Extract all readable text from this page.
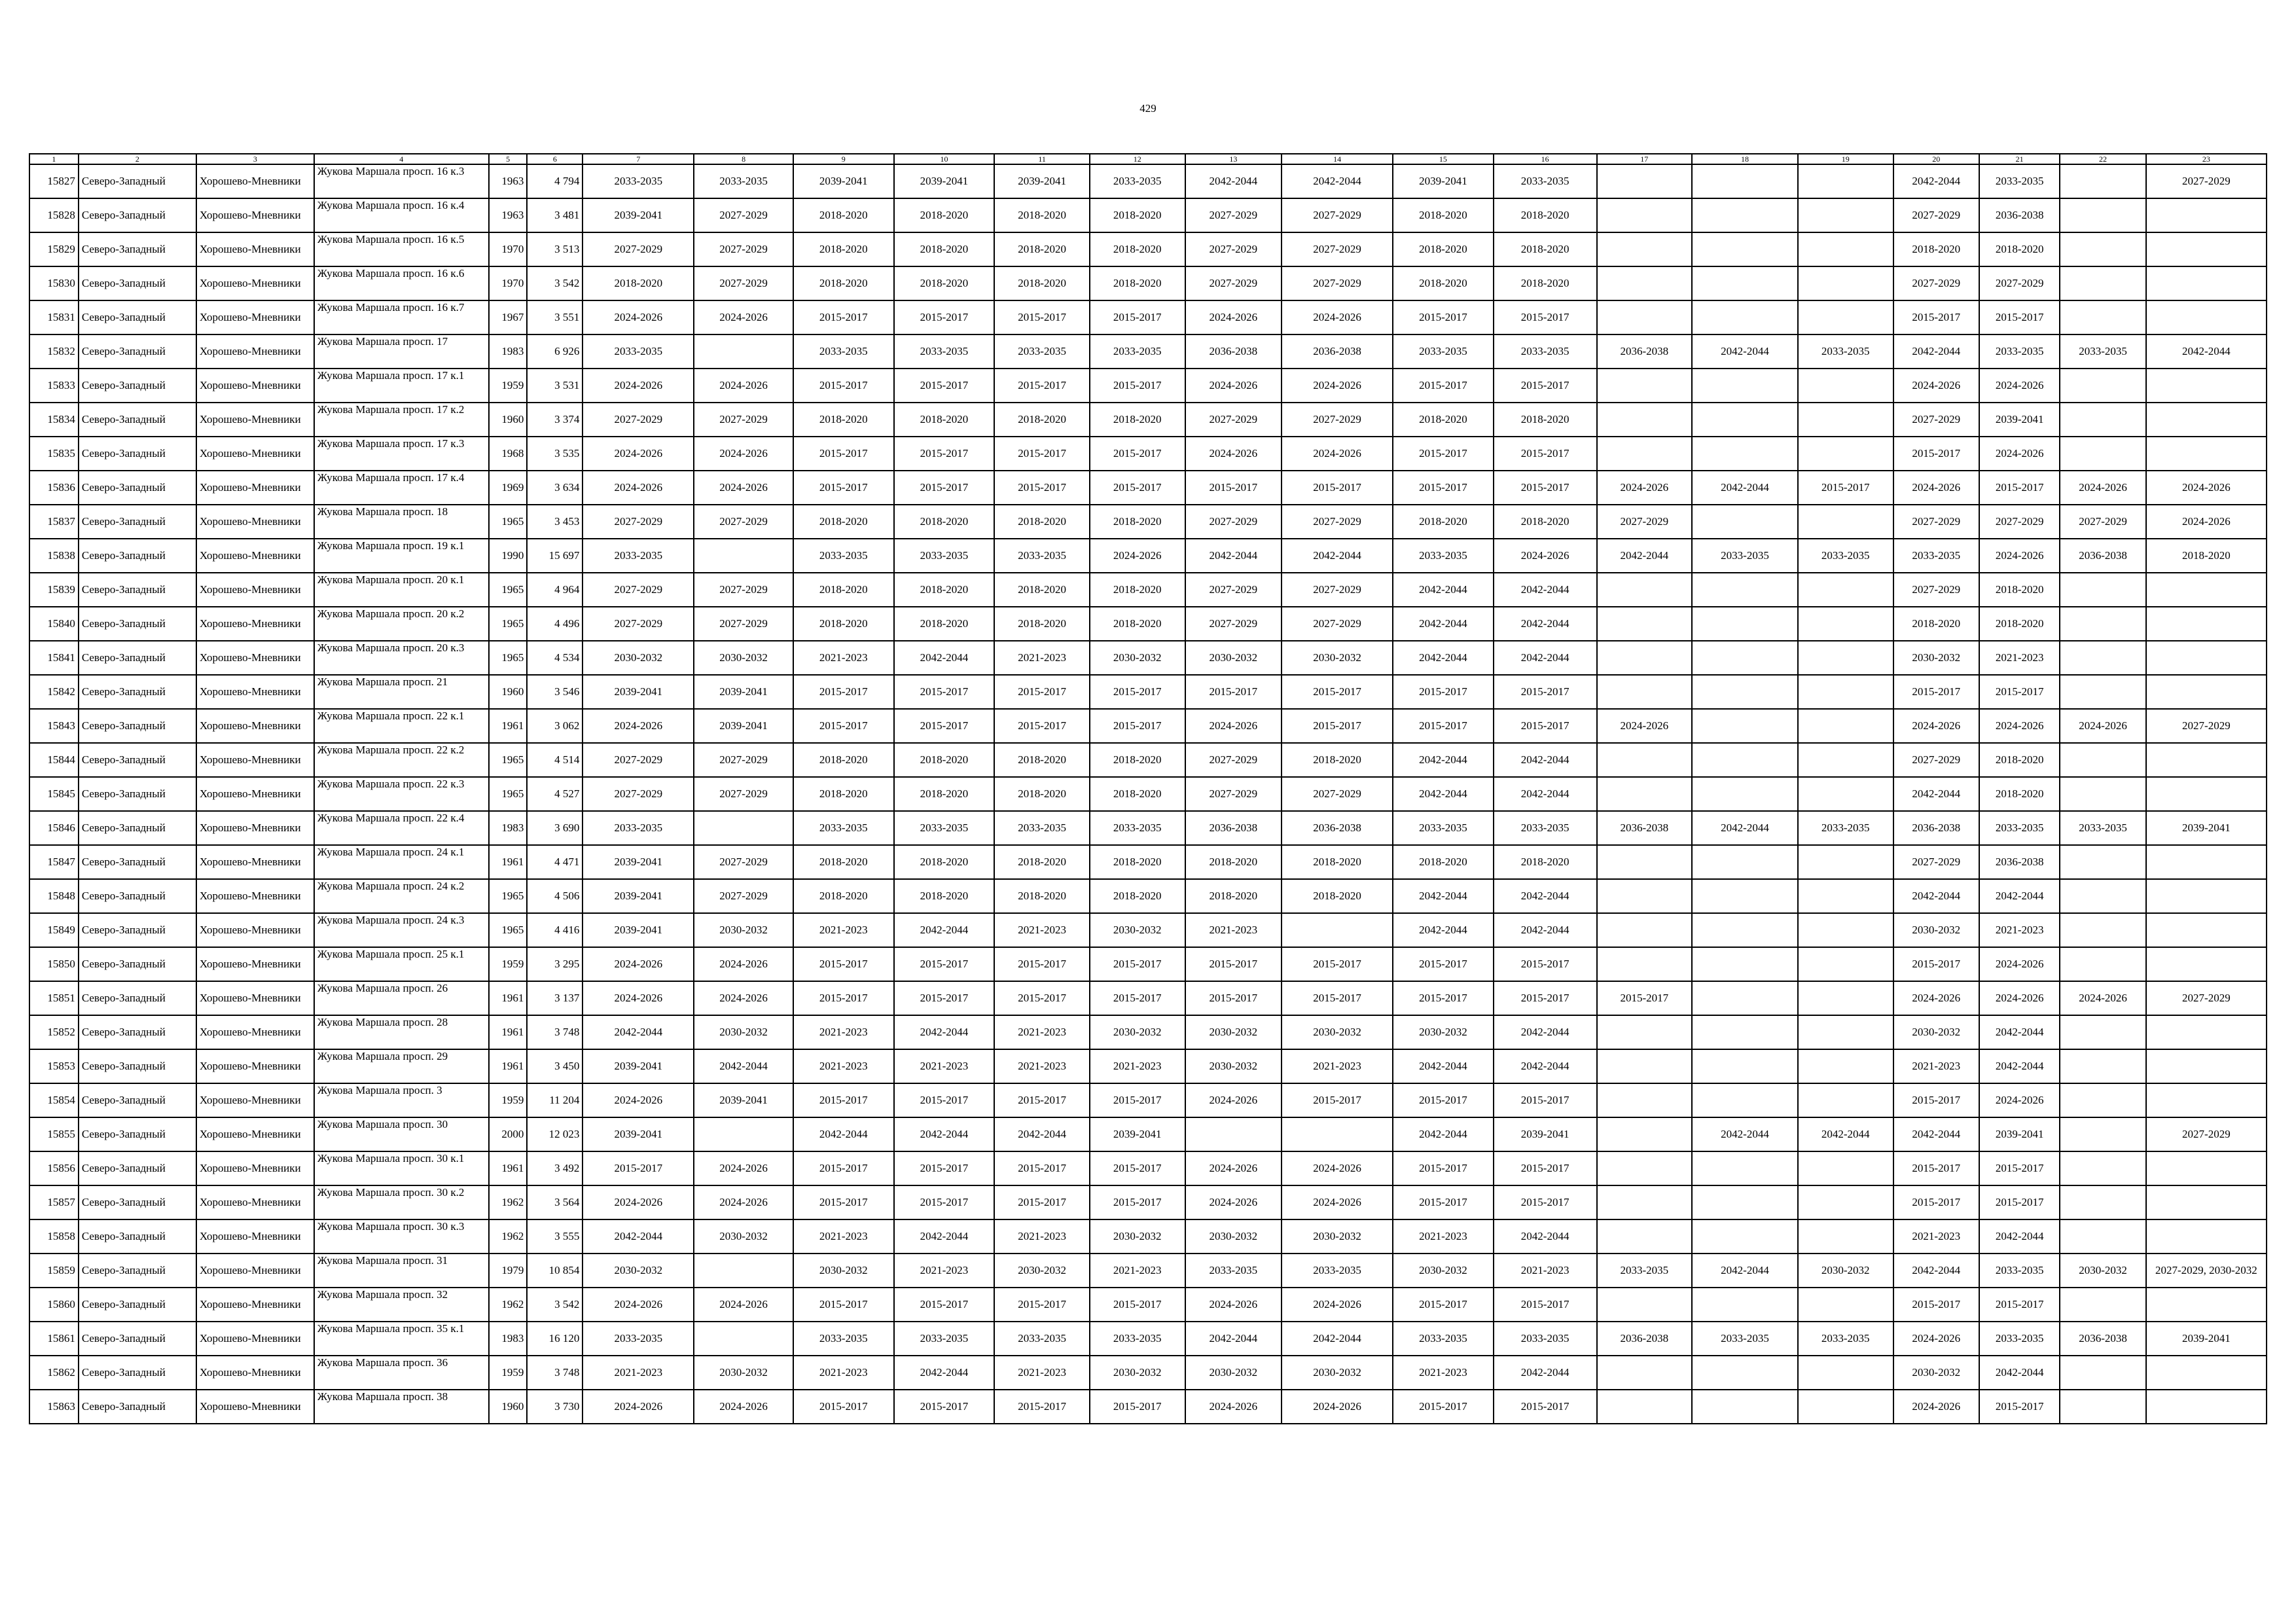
429
1	2	3	4	5	6	7	8	9	10	11	12	13	14	15	16	17	18	19	20	21	22	23
15827	Северо-Западный	Хорошево-Мневники	Жукова Маршала просп. 16 к.3	1963	4 794	2033-2035	2033-2035	2039-2041	2039-2041	2039-2041	2033-2035	2042-2044	2042-2044	2039-2041	2033-2035				2042-2044	2033-2035		2027-2029
15828	Северо-Западный	Хорошево-Мневники	Жукова Маршала просп. 16 к.4	1963	3 481	2039-2041	2027-2029	2018-2020	2018-2020	2018-2020	2018-2020	2027-2029	2027-2029	2018-2020	2018-2020				2027-2029	2036-2038		
15829	Северо-Западный	Хорошево-Мневники	Жукова Маршала просп. 16 к.5	1970	3 513	2027-2029	2027-2029	2018-2020	2018-2020	2018-2020	2018-2020	2027-2029	2027-2029	2018-2020	2018-2020				2018-2020	2018-2020		
15830	Северо-Западный	Хорошево-Мневники	Жукова Маршала просп. 16 к.6	1970	3 542	2018-2020	2027-2029	2018-2020	2018-2020	2018-2020	2018-2020	2027-2029	2027-2029	2018-2020	2018-2020				2027-2029	2027-2029		
15831	Северо-Западный	Хорошево-Мневники	Жукова Маршала просп. 16 к.7	1967	3 551	2024-2026	2024-2026	2015-2017	2015-2017	2015-2017	2015-2017	2024-2026	2024-2026	2015-2017	2015-2017				2015-2017	2015-2017		
15832	Северо-Западный	Хорошево-Мневники	Жукова Маршала просп. 17	1983	6 926	2033-2035		2033-2035	2033-2035	2033-2035	2033-2035	2036-2038	2036-2038	2033-2035	2033-2035	2036-2038	2042-2044	2033-2035	2042-2044	2033-2035	2033-2035	2042-2044
15833	Северо-Западный	Хорошево-Мневники	Жукова Маршала просп. 17 к.1	1959	3 531	2024-2026	2024-2026	2015-2017	2015-2017	2015-2017	2015-2017	2024-2026	2024-2026	2015-2017	2015-2017				2024-2026	2024-2026		
15834	Северо-Западный	Хорошево-Мневники	Жукова Маршала просп. 17 к.2	1960	3 374	2027-2029	2027-2029	2018-2020	2018-2020	2018-2020	2018-2020	2027-2029	2027-2029	2018-2020	2018-2020				2027-2029	2039-2041		
15835	Северо-Западный	Хорошево-Мневники	Жукова Маршала просп. 17 к.3	1968	3 535	2024-2026	2024-2026	2015-2017	2015-2017	2015-2017	2015-2017	2024-2026	2024-2026	2015-2017	2015-2017				2015-2017	2024-2026		
15836	Северо-Западный	Хорошево-Мневники	Жукова Маршала просп. 17 к.4	1969	3 634	2024-2026	2024-2026	2015-2017	2015-2017	2015-2017	2015-2017	2015-2017	2015-2017	2015-2017	2015-2017	2024-2026	2042-2044	2015-2017	2024-2026	2015-2017	2024-2026	2024-2026
15837	Северо-Западный	Хорошево-Мневники	Жукова Маршала просп. 18	1965	3 453	2027-2029	2027-2029	2018-2020	2018-2020	2018-2020	2018-2020	2027-2029	2027-2029	2018-2020	2018-2020	2027-2029			2027-2029	2027-2029	2027-2029	2024-2026
15838	Северо-Западный	Хорошево-Мневники	Жукова Маршала просп. 19 к.1	1990	15 697	2033-2035		2033-2035	2033-2035	2033-2035	2024-2026	2042-2044	2042-2044	2033-2035	2024-2026	2042-2044	2033-2035	2033-2035	2033-2035	2024-2026	2036-2038	2018-2020
15839	Северо-Западный	Хорошево-Мневники	Жукова Маршала просп. 20 к.1	1965	4 964	2027-2029	2027-2029	2018-2020	2018-2020	2018-2020	2018-2020	2027-2029	2027-2029	2042-2044	2042-2044				2027-2029	2018-2020		
15840	Северо-Западный	Хорошево-Мневники	Жукова Маршала просп. 20 к.2	1965	4 496	2027-2029	2027-2029	2018-2020	2018-2020	2018-2020	2018-2020	2027-2029	2027-2029	2042-2044	2042-2044				2018-2020	2018-2020		
15841	Северо-Западный	Хорошево-Мневники	Жукова Маршала просп. 20 к.3	1965	4 534	2030-2032	2030-2032	2021-2023	2042-2044	2021-2023	2030-2032	2030-2032	2030-2032	2042-2044	2042-2044				2030-2032	2021-2023		
15842	Северо-Западный	Хорошево-Мневники	Жукова Маршала просп. 21	1960	3 546	2039-2041	2039-2041	2015-2017	2015-2017	2015-2017	2015-2017	2015-2017	2015-2017	2015-2017	2015-2017				2015-2017	2015-2017		
15843	Северо-Западный	Хорошево-Мневники	Жукова Маршала просп. 22 к.1	1961	3 062	2024-2026	2039-2041	2015-2017	2015-2017	2015-2017	2015-2017	2024-2026	2015-2017	2015-2017	2015-2017	2024-2026			2024-2026	2024-2026	2024-2026	2027-2029
15844	Северо-Западный	Хорошево-Мневники	Жукова Маршала просп. 22 к.2	1965	4 514	2027-2029	2027-2029	2018-2020	2018-2020	2018-2020	2018-2020	2027-2029	2018-2020	2042-2044	2042-2044				2027-2029	2018-2020		
15845	Северо-Западный	Хорошево-Мневники	Жукова Маршала просп. 22 к.3	1965	4 527	2027-2029	2027-2029	2018-2020	2018-2020	2018-2020	2018-2020	2027-2029	2027-2029	2042-2044	2042-2044				2042-2044	2018-2020		
15846	Северо-Западный	Хорошево-Мневники	Жукова Маршала просп. 22 к.4	1983	3 690	2033-2035		2033-2035	2033-2035	2033-2035	2033-2035	2036-2038	2036-2038	2033-2035	2033-2035	2036-2038	2042-2044	2033-2035	2036-2038	2033-2035	2033-2035	2039-2041
15847	Северо-Западный	Хорошево-Мневники	Жукова Маршала просп. 24 к.1	1961	4 471	2039-2041	2027-2029	2018-2020	2018-2020	2018-2020	2018-2020	2018-2020	2018-2020	2018-2020	2018-2020				2027-2029	2036-2038		
15848	Северо-Западный	Хорошево-Мневники	Жукова Маршала просп. 24 к.2	1965	4 506	2039-2041	2027-2029	2018-2020	2018-2020	2018-2020	2018-2020	2018-2020	2018-2020	2042-2044	2042-2044				2042-2044	2042-2044		
15849	Северо-Западный	Хорошево-Мневники	Жукова Маршала просп. 24 к.3	1965	4 416	2039-2041	2030-2032	2021-2023	2042-2044	2021-2023	2030-2032	2021-2023		2042-2044	2042-2044				2030-2032	2021-2023		
15850	Северо-Западный	Хорошево-Мневники	Жукова Маршала просп. 25 к.1	1959	3 295	2024-2026	2024-2026	2015-2017	2015-2017	2015-2017	2015-2017	2015-2017	2015-2017	2015-2017	2015-2017				2015-2017	2024-2026		
15851	Северо-Западный	Хорошево-Мневники	Жукова Маршала просп. 26	1961	3 137	2024-2026	2024-2026	2015-2017	2015-2017	2015-2017	2015-2017	2015-2017	2015-2017	2015-2017	2015-2017	2015-2017			2024-2026	2024-2026	2024-2026	2027-2029
15852	Северо-Западный	Хорошево-Мневники	Жукова Маршала просп. 28	1961	3 748	2042-2044	2030-2032	2021-2023	2042-2044	2021-2023	2030-2032	2030-2032	2030-2032	2030-2032	2042-2044				2030-2032	2042-2044		
15853	Северо-Западный	Хорошево-Мневники	Жукова Маршала просп. 29	1961	3 450	2039-2041	2042-2044	2021-2023	2021-2023	2021-2023	2021-2023	2030-2032	2021-2023	2042-2044	2042-2044				2021-2023	2042-2044		
15854	Северо-Западный	Хорошево-Мневники	Жукова Маршала просп. 3	1959	11 204	2024-2026	2039-2041	2015-2017	2015-2017	2015-2017	2015-2017	2024-2026	2015-2017	2015-2017	2015-2017				2015-2017	2024-2026		
15855	Северо-Западный	Хорошево-Мневники	Жукова Маршала просп. 30	2000	12 023	2039-2041		2042-2044	2042-2044	2042-2044	2039-2041			2042-2044	2039-2041		2042-2044	2042-2044	2042-2044	2039-2041		2027-2029
15856	Северо-Западный	Хорошево-Мневники	Жукова Маршала просп. 30 к.1	1961	3 492	2015-2017	2024-2026	2015-2017	2015-2017	2015-2017	2015-2017	2024-2026	2024-2026	2015-2017	2015-2017				2015-2017	2015-2017		
15857	Северо-Западный	Хорошево-Мневники	Жукова Маршала просп. 30 к.2	1962	3 564	2024-2026	2024-2026	2015-2017	2015-2017	2015-2017	2015-2017	2024-2026	2024-2026	2015-2017	2015-2017				2015-2017	2015-2017		
15858	Северо-Западный	Хорошево-Мневники	Жукова Маршала просп. 30 к.3	1962	3 555	2042-2044	2030-2032	2021-2023	2042-2044	2021-2023	2030-2032	2030-2032	2030-2032	2021-2023	2042-2044				2021-2023	2042-2044		
15859	Северо-Западный	Хорошево-Мневники	Жукова Маршала просп. 31	1979	10 854	2030-2032		2030-2032	2021-2023	2030-2032	2021-2023	2033-2035	2033-2035	2030-2032	2021-2023	2033-2035	2042-2044	2030-2032	2042-2044	2033-2035	2030-2032	2027-2029, 2030-2032
15860	Северо-Западный	Хорошево-Мневники	Жукова Маршала просп. 32	1962	3 542	2024-2026	2024-2026	2015-2017	2015-2017	2015-2017	2015-2017	2024-2026	2024-2026	2015-2017	2015-2017				2015-2017	2015-2017		
15861	Северо-Западный	Хорошево-Мневники	Жукова Маршала просп. 35 к.1	1983	16 120	2033-2035		2033-2035	2033-2035	2033-2035	2033-2035	2042-2044	2042-2044	2033-2035	2033-2035	2036-2038	2033-2035	2033-2035	2024-2026	2033-2035	2036-2038	2039-2041
15862	Северо-Западный	Хорошево-Мневники	Жукова Маршала просп. 36	1959	3 748	2021-2023	2030-2032	2021-2023	2042-2044	2021-2023	2030-2032	2030-2032	2030-2032	2021-2023	2042-2044				2030-2032	2042-2044		
15863	Северо-Западный	Хорошево-Мневники	Жукова Маршала просп. 38	1960	3 730	2024-2026	2024-2026	2015-2017	2015-2017	2015-2017	2015-2017	2024-2026	2024-2026	2015-2017	2015-2017				2024-2026	2015-2017		
